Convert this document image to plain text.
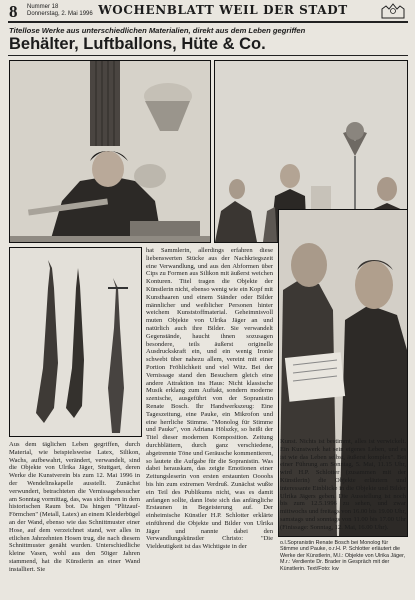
8 Nummer 18
Donnerstag, 2. Mai 1996 WOCHENBLATT WEIL DER STADT
Titellose Werke aus unterschiedlichen Materialien, direkt aus dem Leben gegriffen
Behälter, Luftballons, Hüte & Co.

Aus dem täglichen Leben gegriffen, durch Material, wie beispielsweise Latex, Silikon, Wachs, aufbewahrt, verändert, verwandelt, sind die Objekte von Ulrika Jäger, Stuttgart, deren Werke die Kunstverein bis zum 12. Mai 1996 in der Wendelinskapelle ausstellt. Zunächst verwundert, betrachteten die Vernissagebesucher am Sonntag vormittag, das, was sich ihnen in dem historischen Raum bot. Da hingen "Plitzauf-Förmchen" (Metall, Latex) an einem Kleiderbügel an der Wand, ebenso wie das Schnittmuster einer Hose, auf dem verzeichnet stand, wer alles in etlichen Jahrzehnten Hosen trug, die nach diesem Schnittmuster genäht wurden. Unterschiedliche kleine Vasen, wohl aus den 50iger Jahren stammend, hat die Künstlerin an einer Wand installiert. Sie

hat Sammlerin, allerdings erfahren diese liebenswerten Stücke aus der Nachkriegszeit eine Verwandlung, und aus den Abformen über Cips zu Formen aus Silikon mit äußerst weichen Konturen. Titel tragen die Objekte der Künstlerin nicht, ebenso wenig wie ein Kopf mit Kunsthaaren und einem Ständer oder Bilder männlicher und weiblicher Personen hinter weichem Kunststoffmaterial. Geheimnisvoll muten Objekte von Ulrika Jäger an und natürlich auch ihre Bilder. Sie verwandelt Gegenstände, haucht ihnen sozusagen besondere, teils äußerst originelle Ausdruckskraft ein, und ein wenig Ironie schwebt über nahezu allem, vereint mit einer Portion Fröhlichkeit und viel Witz. Bei der Vernissage stand den Besuchern gleich eine andere Attraktion ins Haus: Nicht klassische Musik erklang zum Auftakt, sondern moderne szenische, ausgeführt von der Sopranistin Renate Bosch. Ihr Handwerkszeug: Eine Tageszeitung, eine Pauke, ein Mikrofon und eine herrliche Stimme. "Monolog für Stimme und Pauke", von Adriana Hölszky, so heißt der Titel dieser modernen Komposition. Zeitung durchblättern, durch ganz verschiedene, abgetrennte Töne und Geräusche kommentieren, so lautete die Aufgabe für die Sopranistin. Was dabei herauskam, das zeigte Emotionen einer Zeitungsleserin von ersten erstaunten Oooohs bis hin zum extremen Verdruß. Zunächst wußte ein Teil des Publikums nicht, was es damit anfangen sollte, dann löste sich das anfängliche Erstaunen in Begeisterung auf. Der einheimische Künstler H.P. Schlotter erklärte einführend die Objekte und Bilder von Ulrika Jäger und nannte dabei den Verwandlungskünstler Christo: "Die Vieldeutigkeit ist das Wichtigste in der

Kunst. Nichts ist bestimmt, alles ist verwickelt. Ein Kunstwerk hat sein eigenes Leben, und es ist wie das Leben selbst, äußerst komplex". Bei einer Führung am Sonntag, 5. Mai, 11.15 Uhr, wird H.P. Schlotter (zusammen mit der Künstlerin) die Objekte erläutern und interessante Einblicke in die Objekte und Bilder Ulrika Jägers geben. Die Ausstellung ist noch bis zum 12.5.1996 zu sehen, und zwar mittwochs und freitags von 16.00 bis 19.00 Uhr, samstags und sonntags von 11.00 bis 17.00 Uhr (Finissage: Sonntag, 12. Mai, 16.00 Uhr).

o.l.Sopranistin Renate Bosch bei Monolog für Stimme und Pauke, o.r.H. P. Schlotter erläutert die Werke der Künstlerin, M.l.: Objekte von Ulrika Jäger, M.r.: Verdiente Dr. Brader in Gespräch mit der Künstlerin. Text/Foto: kw
